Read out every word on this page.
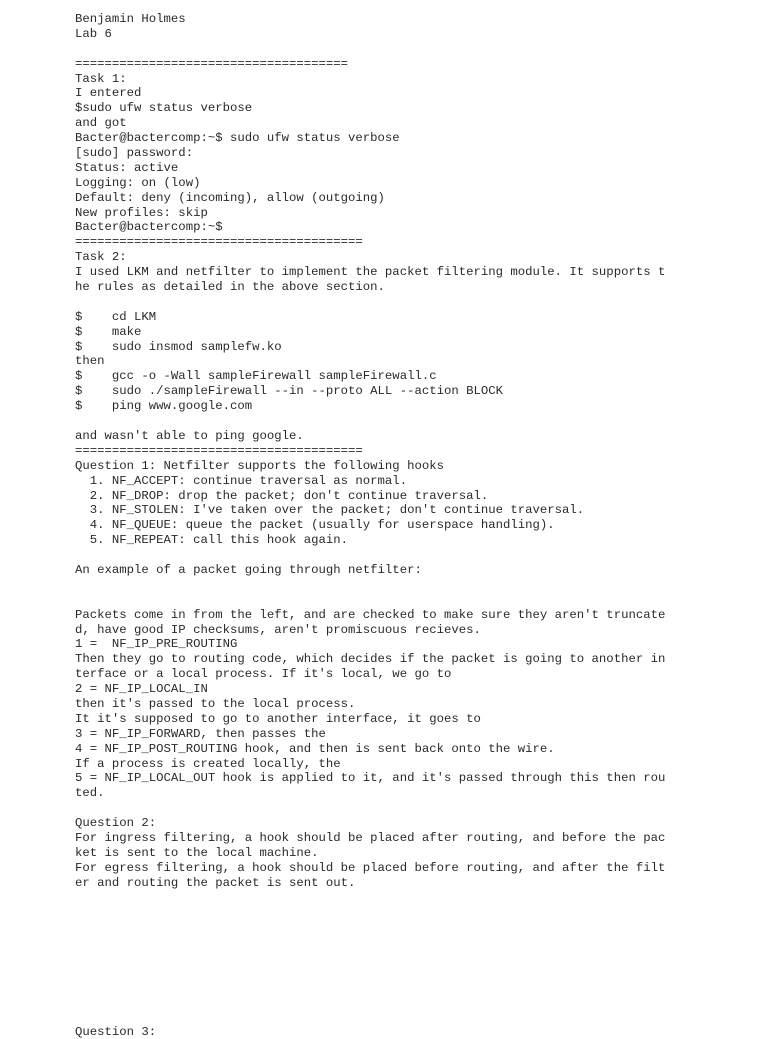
Benjamin Holmes
Lab 6
=====================================
Task 1:
I entered
$sudo ufw status verbose
and got
Bacter@bactercomp:~$ sudo ufw status verbose
[sudo] password:
Status: active
Logging: on (low)
Default: deny (incoming), allow (outgoing)
New profiles: skip
Bacter@bactercomp:~$
=======================================
Task 2:
I used LKM and netfilter to implement the packet filtering module. It supports t
he rules as detailed in the above section.
$    cd LKM
$    make
$    sudo insmod samplefw.ko
then
$    gcc -o -Wall sampleFirewall sampleFirewall.c
$    sudo ./sampleFirewall --in --proto ALL --action BLOCK
$    ping www.google.com
and wasn't able to ping google.
=======================================
Question 1: Netfilter supports the following hooks
1. NF_ACCEPT: continue traversal as normal.
2. NF_DROP: drop the packet; don't continue traversal.
3. NF_STOLEN: I've taken over the packet; don't continue traversal.
4. NF_QUEUE: queue the packet (usually for userspace handling).
5. NF_REPEAT: call this hook again.
An example of a packet going through netfilter:
Packets come in from the left, and are checked to make sure they aren't truncate
d, have good IP checksums, aren't promiscuous recieves.
1 =  NF_IP_PRE_ROUTING
Then they go to routing code, which decides if the packet is going to another in
terface or a local process. If it's local, we go to
2 = NF_IP_LOCAL_IN
then it's passed to the local process.
It it's supposed to go to another interface, it goes to
3 = NF_IP_FORWARD, then passes the
4 = NF_IP_POST_ROUTING hook, and then is sent back onto the wire.
If a process is created locally, the
5 = NF_IP_LOCAL_OUT hook is applied to it, and it's passed through this then rou
ted.
Question 2:
For ingress filtering, a hook should be placed after routing, and before the pac
ket is sent to the local machine.
For egress filtering, a hook should be placed before routing, and after the filt
er and routing the packet is sent out.
Question 3:
